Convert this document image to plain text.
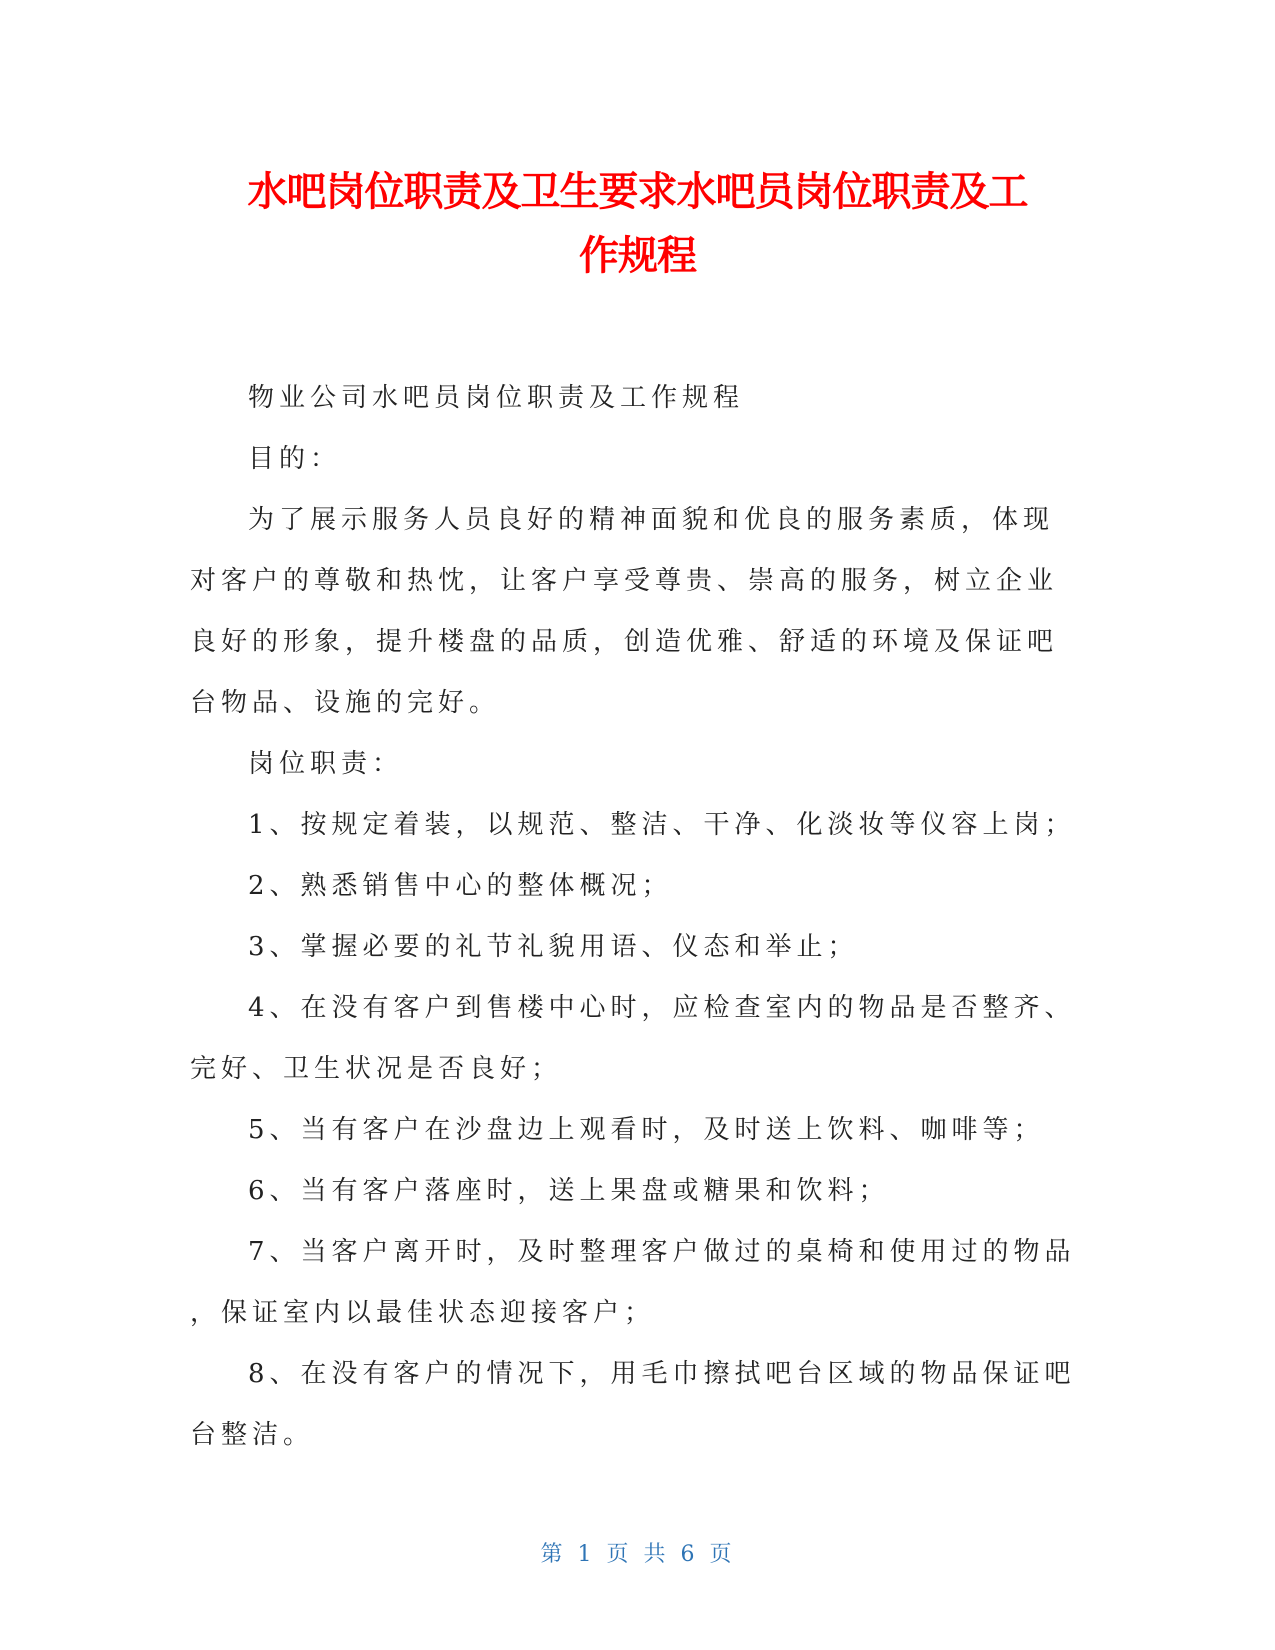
水吧岗位职责及卫生要求水吧员岗位职责及工
作规程

物业公司水吧员岗位职责及工作规程

目的：

为了展示服务人员良好的精神面貌和优良的服务素质，体现

对客户的尊敬和热忱，让客户享受尊贵、崇高的服务，树立企业

良好的形象，提升楼盘的品质，创造优雅、舒适的环境及保证吧

台物品、设施的完好。

岗位职责：

1、按规定着装，以规范、整洁、干净、化淡妆等仪容上岗；

2、熟悉销售中心的整体概况；

3、掌握必要的礼节礼貌用语、仪态和举止；

4、在没有客户到售楼中心时，应检查室内的物品是否整齐、

完好、卫生状况是否良好；

5、当有客户在沙盘边上观看时，及时送上饮料、咖啡等；

6、当有客户落座时，送上果盘或糖果和饮料；

7、当客户离开时，及时整理客户做过的桌椅和使用过的物品

，保证室内以最佳状态迎接客户；

8、在没有客户的情况下，用毛巾擦拭吧台区域的物品保证吧

台整洁。

第 1 页 共 6 页
